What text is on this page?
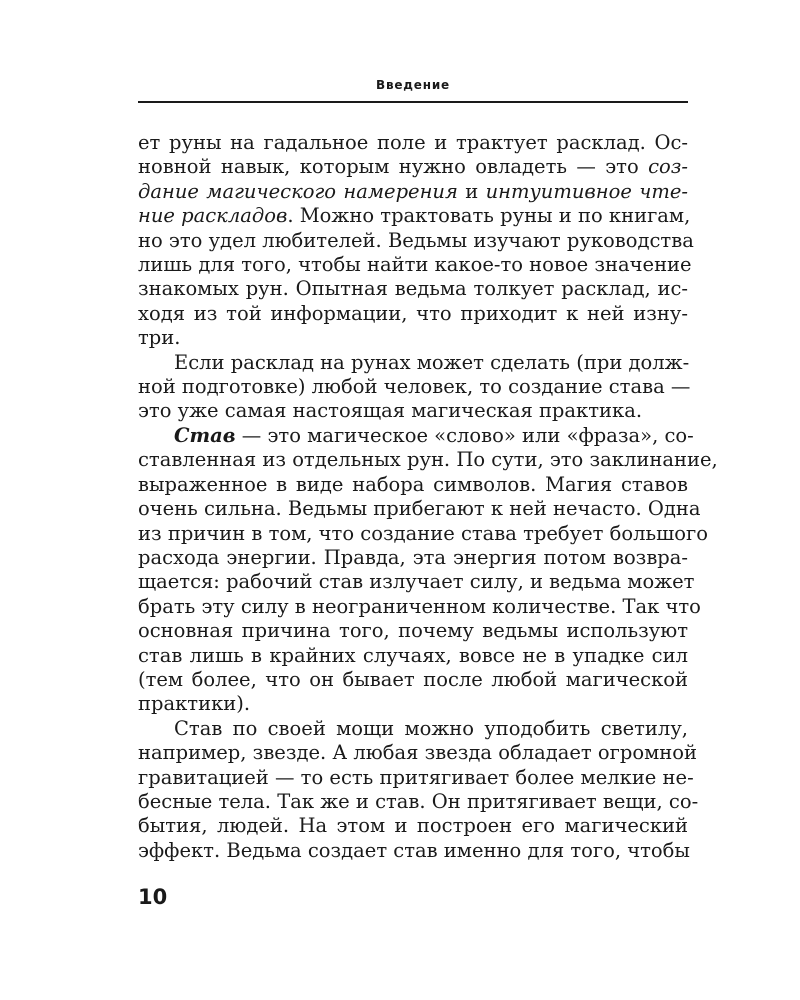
Введение
ет руны на гадальное поле и трактует расклад. Ос-
новной навык, которым нужно овладеть — это соз-
дание магического намерения и интуитивное чте-
ние раскладов. Можно трактовать руны и по книгам,
но это удел любителей. Ведьмы изучают руководства
лишь для того, чтобы найти какое-то новое значение
знакомых рун. Опытная ведьма толкует расклад, ис-
ходя из той информации, что приходит к ней изну-
три.
Если расклад на рунах может сделать (при долж-
ной подготовке) любой человек, то создание става —
это уже самая настоящая магическая практика.
Став — это магическое «слово» или «фраза», со-
ставленная из отдельных рун. По сути, это заклинание,
выраженное в виде набора символов. Магия ставов
очень сильна. Ведьмы прибегают к ней нечасто. Одна
из причин в том, что создание става требует большого
расхода энергии. Правда, эта энергия потом возвра-
щается: рабочий став излучает силу, и ведьма может
брать эту силу в неограниченном количестве. Так что
основная причина того, почему ведьмы используют
став лишь в крайних случаях, вовсе не в упадке сил
(тем более, что он бывает после любой магической
практики).
Став по своей мощи можно уподобить светилу,
например, звезде. А любая звезда обладает огромной
гравитацией — то есть притягивает более мелкие не-
бесные тела. Так же и став. Он притягивает вещи, со-
бытия, людей. На этом и построен его магический
эффект. Ведьма создает став именно для того, чтобы
10
